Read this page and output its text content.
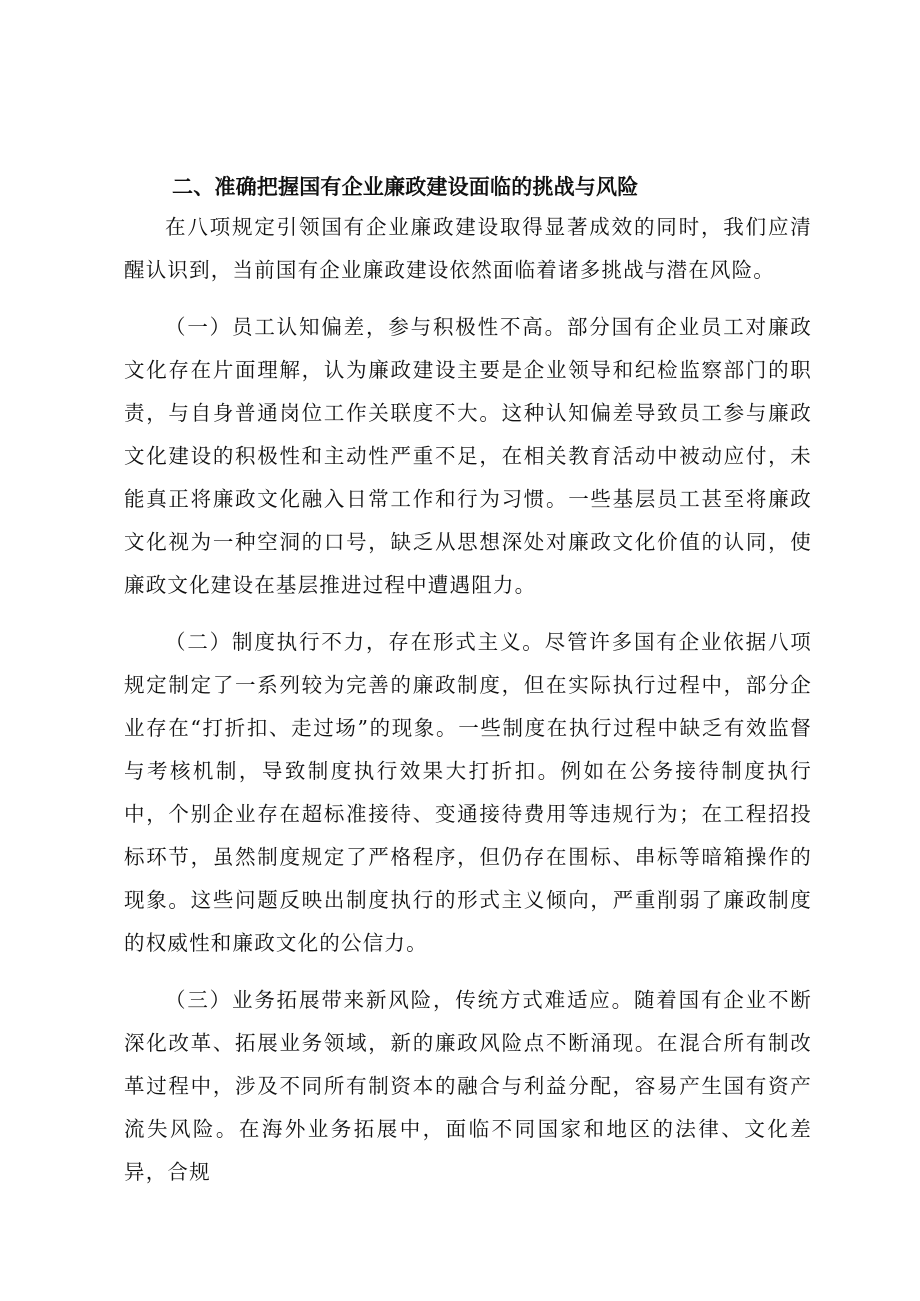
二、准确把握国有企业廉政建设面临的挑战与风险

在八项规定引领国有企业廉政建设取得显著成效的同时，我们应清醒认识到，当前国有企业廉政建设依然面临着诸多挑战与潜在风险。

（一）员工认知偏差，参与积极性不高。部分国有企业员工对廉政文化存在片面理解，认为廉政建设主要是企业领导和纪检监察部门的职责，与自身普通岗位工作关联度不大。这种认知偏差导致员工参与廉政文化建设的积极性和主动性严重不足，在相关教育活动中被动应付，未能真正将廉政文化融入日常工作和行为习惯。一些基层员工甚至将廉政文化视为一种空洞的口号，缺乏从思想深处对廉政文化价值的认同，使廉政文化建设在基层推进过程中遭遇阻力。

（二）制度执行不力，存在形式主义。尽管许多国有企业依据八项规定制定了一系列较为完善的廉政制度，但在实际执行过程中，部分企业存在“打折扣、走过场”的现象。一些制度在执行过程中缺乏有效监督与考核机制，导致制度执行效果大打折扣。例如在公务接待制度执行中，个别企业存在超标准接待、变通接待费用等违规行为；在工程招投标环节，虽然制度规定了严格程序，但仍存在围标、串标等暗箱操作的现象。这些问题反映出制度执行的形式主义倾向，严重削弱了廉政制度的权威性和廉政文化的公信力。

（三）业务拓展带来新风险，传统方式难适应。随着国有企业不断深化改革、拓展业务领域，新的廉政风险点不断涌现。在混合所有制改革过程中，涉及不同所有制资本的融合与利益分配，容易产生国有资产流失风险。在海外业务拓展中，面临不同国家和地区的法律、文化差异，合规
